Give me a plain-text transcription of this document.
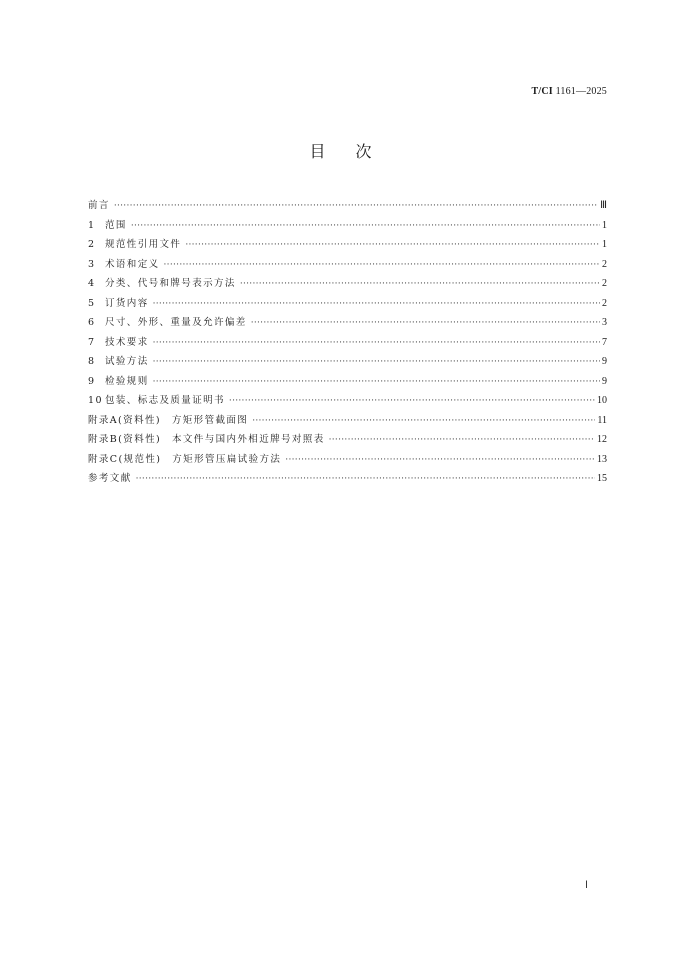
T/CI 1161—2025
目次
前言 ·····	Ⅲ
1 范围 ·····	1
2 规范性引用文件 ·····	1
3 术语和定义 ·····	2
4 分类、代号和牌号表示方法 ·····	2
5 订货内容 ·····	2
6 尺寸、外形、重量及允许偏差 ·····	3
7 技术要求 ·····	7
8 试验方法 ·····	9
9 检验规则 ·····	9
10 包装、标志及质量证明书 ·····	10
附录A(资料性)　方矩形管截面图 ·····	11
附录B(资料性)　本文件与国内外相近牌号对照表 ·····	12
附录C(规范性)　方矩形管压扁试验方法 ·····	13
参考文献 ·····	15
Ⅰ
